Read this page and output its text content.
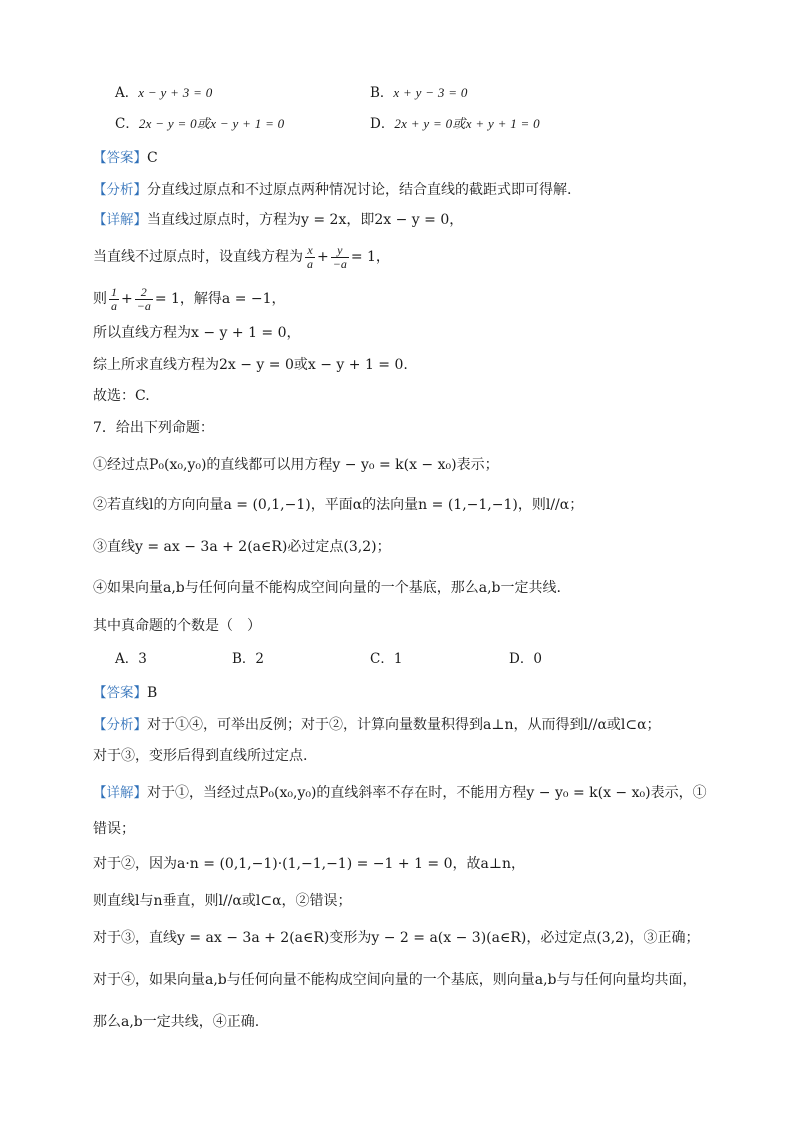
A．x − y + 3 = 0	B．x + y − 3 = 0
C．2x − y = 0或x − y + 1 = 0	D．2x + y = 0或x + y + 1 = 0
【答案】C
【分析】分直线过原点和不过原点两种情况讨论，结合直线的截距式即可得解.
【详解】当直线过原点时，方程为y = 2x，即2x − y = 0，
当直线不过原点时，设直线方程为 $\frac{x}{a} + \frac{y}{-a} = 1$，
则 $\frac{1}{a} + \frac{2}{-a} = 1$，解得a = −1，
所以直线方程为x − y + 1 = 0，
综上所求直线方程为2x − y = 0或x − y + 1 = 0.
故选：C.
7．给出下列命题：
①经过点P₀(x₀,y₀)的直线都可以用方程y − y₀ = k(x − x₀)表示；
②若直线l的方向向量a = (0,1,−1)，平面α的法向量n = (1,−1,−1)，则l//α；
③直线y = ax − 3a + 2(a∈R)必过定点(3,2)；
④如果向量a,b与任何向量不能构成空间向量的一个基底，那么a,b一定共线.
其中真命题的个数是（　）
A．3	B．2	C．1	D．0
【答案】B
【分析】对于①④，可举出反例；对于②，计算向量数量积得到a⊥n，从而得到l//α或l⊂α；
对于③，变形后得到直线所过定点.
【详解】对于①，当经过点P₀(x₀,y₀)的直线斜率不存在时，不能用方程y − y₀ = k(x − x₀)表示，①
错误；
对于②，因为a·n = (0,1,−1)·(1,−1,−1) = −1 + 1 = 0，故a⊥n，
则直线l与n垂直，则l//α或l⊂α，②错误；
对于③，直线y = ax − 3a + 2(a∈R)变形为y − 2 = a(x − 3)(a∈R)，必过定点(3,2)，③正确；
对于④，如果向量a,b与任何向量不能构成空间向量的一个基底，则向量a,b与与任何向量均共面，
那么a,b一定共线，④正确.
